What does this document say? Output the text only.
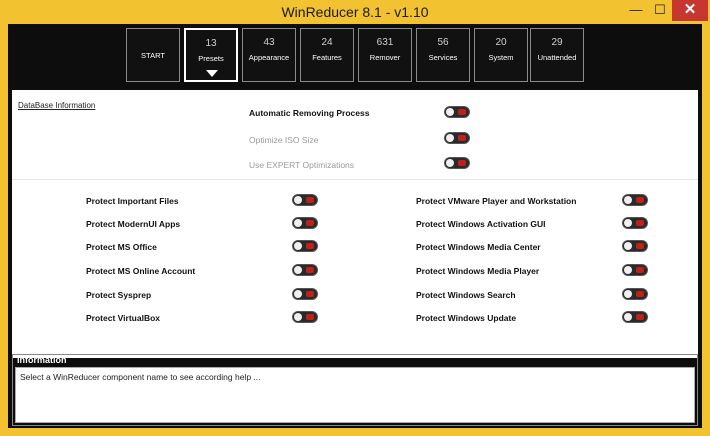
WinReducer 8.1 - v1.10	— ☐	✕
START
13
Presets
43
Appearance
24
Features
631
Remover
56
Services
20
System
29
Unattended
DataBase Information
Automatic Removing Process
Optimize ISO Size
Use EXPERT Optimizations
Protect Important Files
Protect ModernUI Apps
Protect MS Office
Protect MS Online Account
Protect Sysprep
Protect VirtualBox
Protect VMware Player and Workstation
Protect Windows Activation GUI
Protect Windows Media Center
Protect Windows Media Player
Protect Windows Search
Protect Windows Update
Information
Select a WinReducer component name to see according help ...
